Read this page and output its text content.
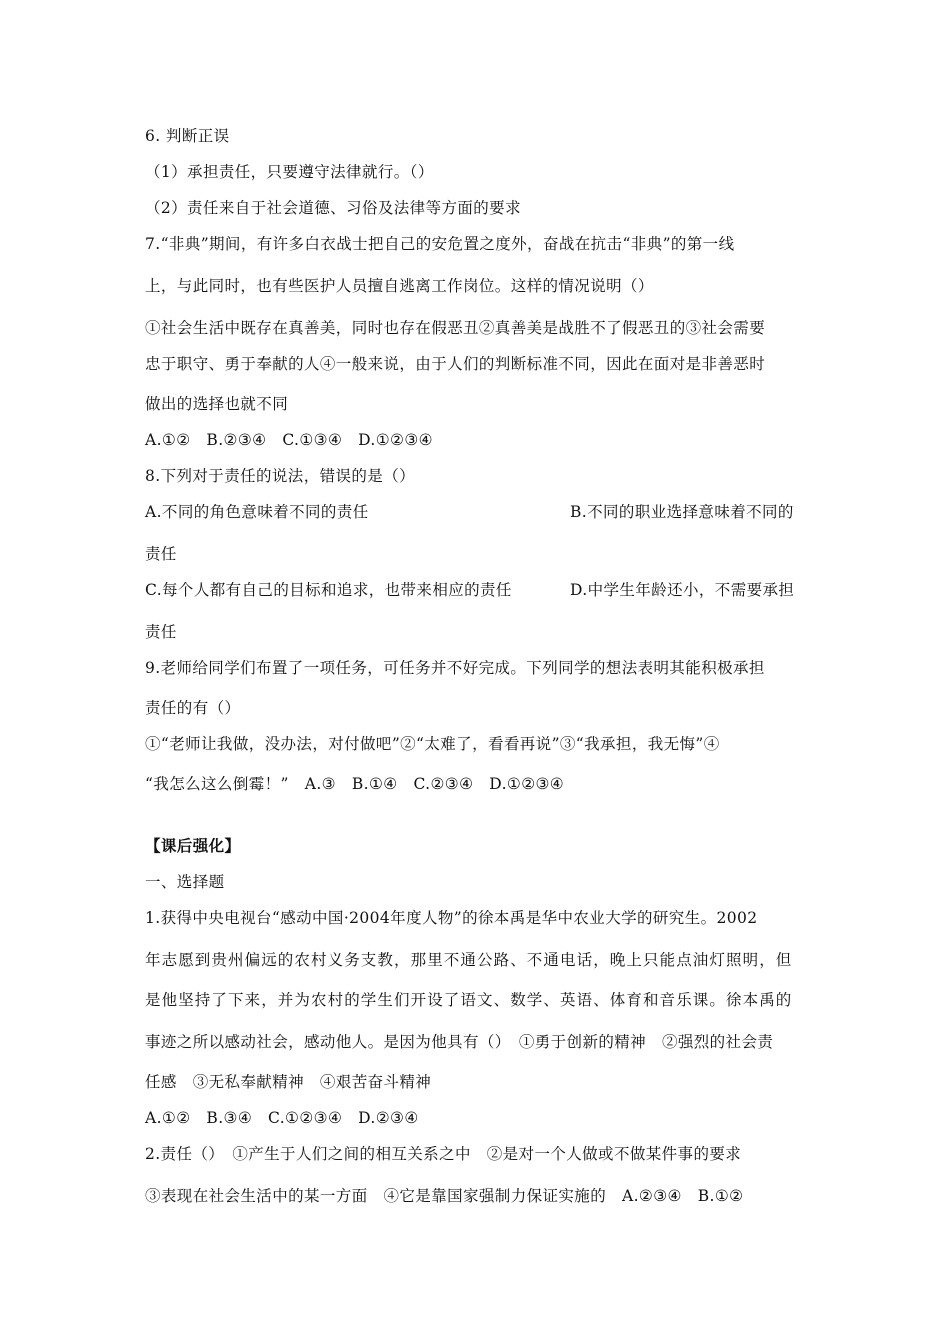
6. 判断正误
（1）承担责任，只要遵守法律就行。（）
（2）责任来自于社会道德、习俗及法律等方面的要求
7.“非典”期间，有许多白衣战士把自己的安危置之度外，奋战在抗击“非典”的第一线
上，与此同时，也有些医护人员擅自逃离工作岗位。这样的情况说明（）
①社会生活中既存在真善美，同时也存在假恶丑②真善美是战胜不了假恶丑的③社会需要
忠于职守、勇于奉献的人④一般来说，由于人们的判断标准不同，因此在面对是非善恶时
做出的选择也就不同
A.①②　B.②③④　C.①③④　D.①②③④
8.下列对于责任的说法，错误的是（）
A.不同的角色意味着不同的责任	B.不同的职业选择意味着不同的
责任
C.每个人都有自己的目标和追求，也带来相应的责任	D.中学生年龄还小，不需要承担
责任
9.老师给同学们布置了一项任务，可任务并不好完成。下列同学的想法表明其能积极承担
责任的有（）
①“老师让我做，没办法，对付做吧”②“太难了，看看再说”③“我承担，我无悔”④
“我怎么这么倒霉！”　A.③　B.①④　C.②③④　D.①②③④
【课后强化】
一、选择题
1.获得中央电视台“感动中国·2004年度人物”的徐本禹是华中农业大学的研究生。2002
年志愿到贵州偏远的农村义务支教，那里不通公路、不通电话，晚上只能点油灯照明，但
是他坚持了下来，并为农村的学生们开设了语文、数学、英语、体育和音乐课。徐本禹的
事迹之所以感动社会，感动他人。是因为他具有（）　①勇于创新的精神　②强烈的社会责
任感　③无私奉献精神　④艰苦奋斗精神
A.①②　B.③④　C.①②③④　D.②③④
2.责任（）　①产生于人们之间的相互关系之中　②是对一个人做或不做某件事的要求
③表现在社会生活中的某一方面　④它是靠国家强制力保证实施的　A.②③④　B.①②
